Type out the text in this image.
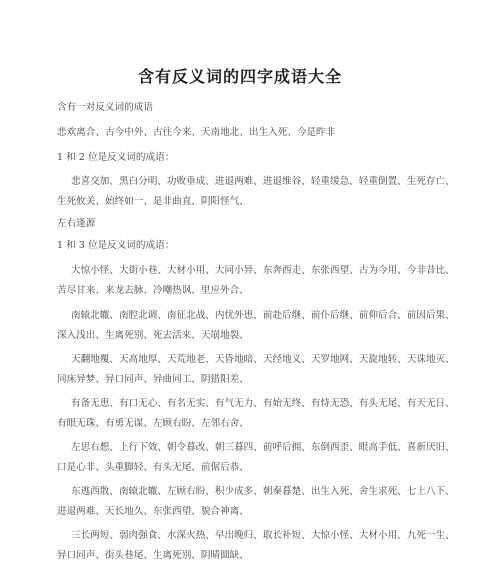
含有反义词的四字成语大全
含有一对反义词的成语
悲欢离合、古今中外、古往今来、天南地北、出生入死、今是昨非
1 和 2 位是反义词的成语：

悲喜交加、黑白分明、功败垂成、进退两难、进退维谷、轻重缓急、轻重倒置、生死存亡、生死攸关、始终如一、是非曲直、阴阳怪气、

左右逢源
1 和 3 位是反义词的成语：

大惊小怪、大街小巷、大材小用、大同小异、东奔西走、东张西望、古为今用、今非昔比、苦尽甘来、来龙去脉、冷嘲热讽、里应外合、

南辕北辙、南腔北调、南征北战、内忧外患、前赴后继、前仆后继、前仰后合、前因后果、深入浅出、生离死别、死去活来、天崩地裂、

天翻地覆、天高地厚、天荒地老、天昏地暗、天经地义、天罗地网、天旋地转、天诛地灭、同床异梦、异口同声、异曲同工、阴错阳差、

有备无患、有口无心、有名无实、有气无力、有始无终、有恃无恐、有头无尾、有天无日、有眼无珠、有勇无谋、左顾右盼、左邻右舍、

左思右想、上行下效、朝令暮改、朝三暮四、前呼后拥、东倒西歪、眼高手低、喜新厌旧、口是心非、头重脚轻、有头无尾、前倨后恭、

东逃西散、南辕北辙、左顾右盼、积少成多、朝秦暮楚、出生入死、舍生求死、七上八下、进退两难、天长地久、东张西望、貌合神离、

三长两短、弱肉强食、水深火热、早出晚归、取长补短、大惊小怪、大材小用、九死一生、异口同声、街头巷尾、生离死别、阴晴圆缺、
